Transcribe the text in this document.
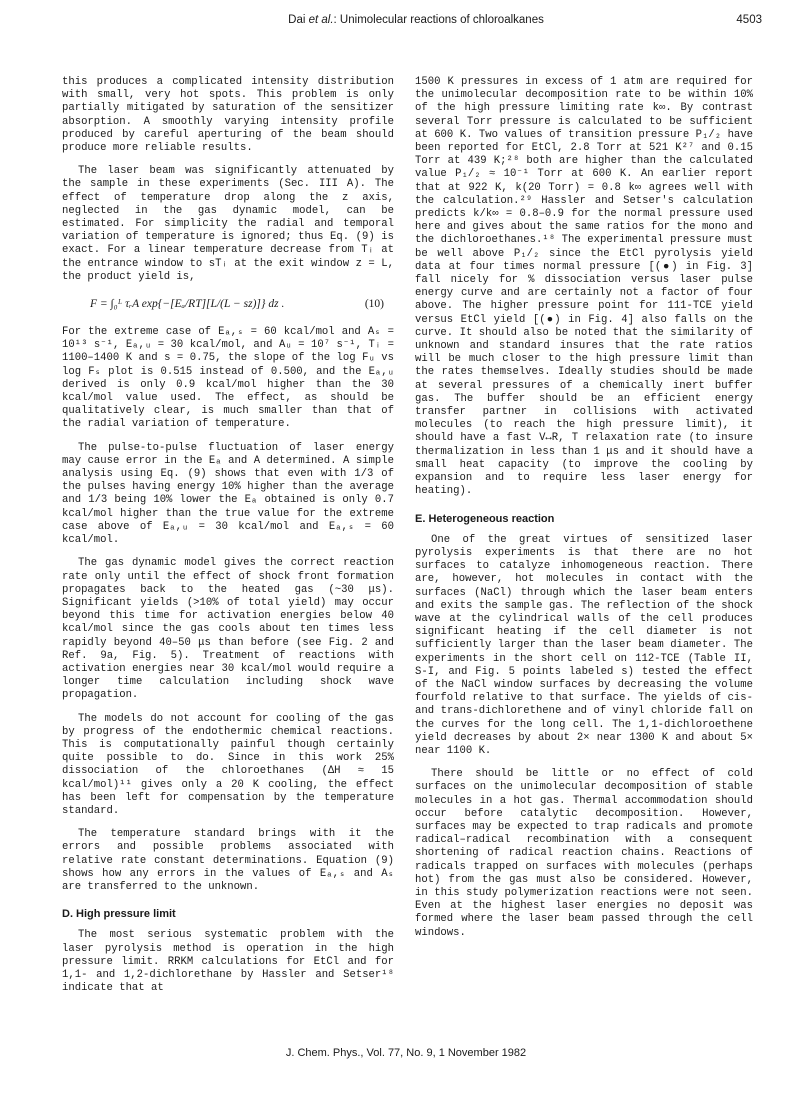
Dai et al.: Unimolecular reactions of chloroalkanes	4503

this produces a complicated intensity distribution with small, very hot spots. This problem is only partially mitigated by saturation of the sensitizer absorption. A smoothly varying intensity profile produced by careful aperturing of the beam should produce more reliable results.

The laser beam was significantly attenuated by the sample in these experiments (Sec. III A). The effect of temperature drop along the z axis, neglected in the gas dynamic model, can be estimated. For simplicity the radial and temporal variation of temperature is ignored; thus Eq. (9) is exact. For a linear temperature decrease from Tᵢ at the entrance window to sTᵢ at the exit window z = L, the product yield is,

F = ∫₀ᴸ τᵣA exp{−[Eₐ/RT][L/(L − sz)]} dz .	(10)

For the extreme case of Eₐ,ₛ = 60 kcal/mol and Aₛ = 10¹³ s⁻¹, Eₐ,ᵤ = 30 kcal/mol, and Aᵤ = 10⁷ s⁻¹, Tᵢ = 1100–1400 K and s = 0.75, the slope of the log Fᵤ vs log Fₛ plot is 0.515 instead of 0.500, and the Eₐ,ᵤ derived is only 0.9 kcal/mol higher than the 30 kcal/mol value used. The effect, as should be qualitatively clear, is much smaller than that of the radial variation of temperature.

The pulse-to-pulse fluctuation of laser energy may cause error in the Eₐ and A determined. A simple analysis using Eq. (9) shows that even with 1/3 of the pulses having energy 10% higher than the average and 1/3 being 10% lower the Eₐ obtained is only 0.7 kcal/mol higher than the true value for the extreme case above of Eₐ,ᵤ = 30 kcal/mol and Eₐ,ₛ = 60 kcal/mol.

The gas dynamic model gives the correct reaction rate only until the effect of shock front formation propagates back to the heated gas (~30 μs). Significant yields (>10% of total yield) may occur beyond this time for activation energies below 40 kcal/mol since the gas cools about ten times less rapidly beyond 40–50 μs than before (see Fig. 2 and Ref. 9a, Fig. 5). Treatment of reactions with activation energies near 30 kcal/mol would require a longer time calculation including shock wave propagation.

The models do not account for cooling of the gas by progress of the endothermic chemical reactions. This is computationally painful though certainly quite possible to do. Since in this work 25% dissociation of the chloroethanes (ΔH ≈ 15 kcal/mol)¹¹ gives only a 20 K cooling, the effect has been left for compensation by the temperature standard.

The temperature standard brings with it the errors and possible problems associated with relative rate constant determinations. Equation (9) shows how any errors in the values of Eₐ,ₛ and Aₛ are transferred to the unknown.

D. High pressure limit

The most serious systematic problem with the laser pyrolysis method is operation in the high pressure limit. RRKM calculations for EtCl and for 1,1- and 1,2-dichlorethane by Hassler and Setser¹⁸ indicate that at

1500 K pressures in excess of 1 atm are required for the unimolecular decomposition rate to be within 10% of the high pressure limiting rate k∞. By contrast several Torr pressure is calculated to be sufficient at 600 K. Two values of transition pressure P₁/₂ have been reported for EtCl, 2.8 Torr at 521 K²⁷ and 0.15 Torr at 439 K;²⁸ both are higher than the calculated value P₁/₂ ≈ 10⁻¹ Torr at 600 K. An earlier report that at 922 K, k(20 Torr) = 0.8 k∞ agrees well with the calculation.²⁹ Hassler and Setser's calculation predicts k/k∞ = 0.8–0.9 for the normal pressure used here and gives about the same ratios for the mono and the dichloroethanes.¹⁸ The experimental pressure must be well above P₁/₂ since the EtCl pyrolysis yield data at four times normal pressure [(●) in Fig. 3] fall nicely for % dissociation versus laser pulse energy curve and are certainly not a factor of four above. The higher pressure point for 111-TCE yield versus EtCl yield [(●) in Fig. 4] also falls on the curve. It should also be noted that the similarity of unknown and standard insures that the rate ratios will be much closer to the high pressure limit than the rates themselves. Ideally studies should be made at several pressures of a chemically inert buffer gas. The buffer should be an efficient energy transfer partner in collisions with activated molecules (to reach the high pressure limit), it should have a fast V↔R, T relaxation rate (to insure thermalization in less than 1 μs and it should have a small heat capacity (to improve the cooling by expansion and to require less laser energy for heating).

E. Heterogeneous reaction

One of the great virtues of sensitized laser pyrolysis experiments is that there are no hot surfaces to catalyze inhomogeneous reaction. There are, however, hot molecules in contact with the surfaces (NaCl) through which the laser beam enters and exits the sample gas. The reflection of the shock wave at the cylindrical walls of the cell produces significant heating if the cell diameter is not sufficiently larger than the laser beam diameter. The experiments in the short cell on 112-TCE (Table II, S-I, and Fig. 5 points labeled s) tested the effect of the NaCl window surfaces by decreasing the volume fourfold relative to that surface. The yields of cis- and trans-dichlorethene and of vinyl chloride fall on the curves for the long cell. The 1,1-dichloroethene yield decreases by about 2× near 1300 K and about 5× near 1100 K.

There should be little or no effect of cold surfaces on the unimolecular decomposition of stable molecules in a hot gas. Thermal accommodation should occur before catalytic decomposition. However, surfaces may be expected to trap radicals and promote radical–radical recombination with a consequent shortening of radical reaction chains. Reactions of radicals trapped on surfaces with molecules (perhaps hot) from the gas must also be considered. However, in this study polymerization reactions were not seen. Even at the highest laser energies no deposit was formed where the laser beam passed through the cell windows.

J. Chem. Phys., Vol. 77, No. 9, 1 November 1982
